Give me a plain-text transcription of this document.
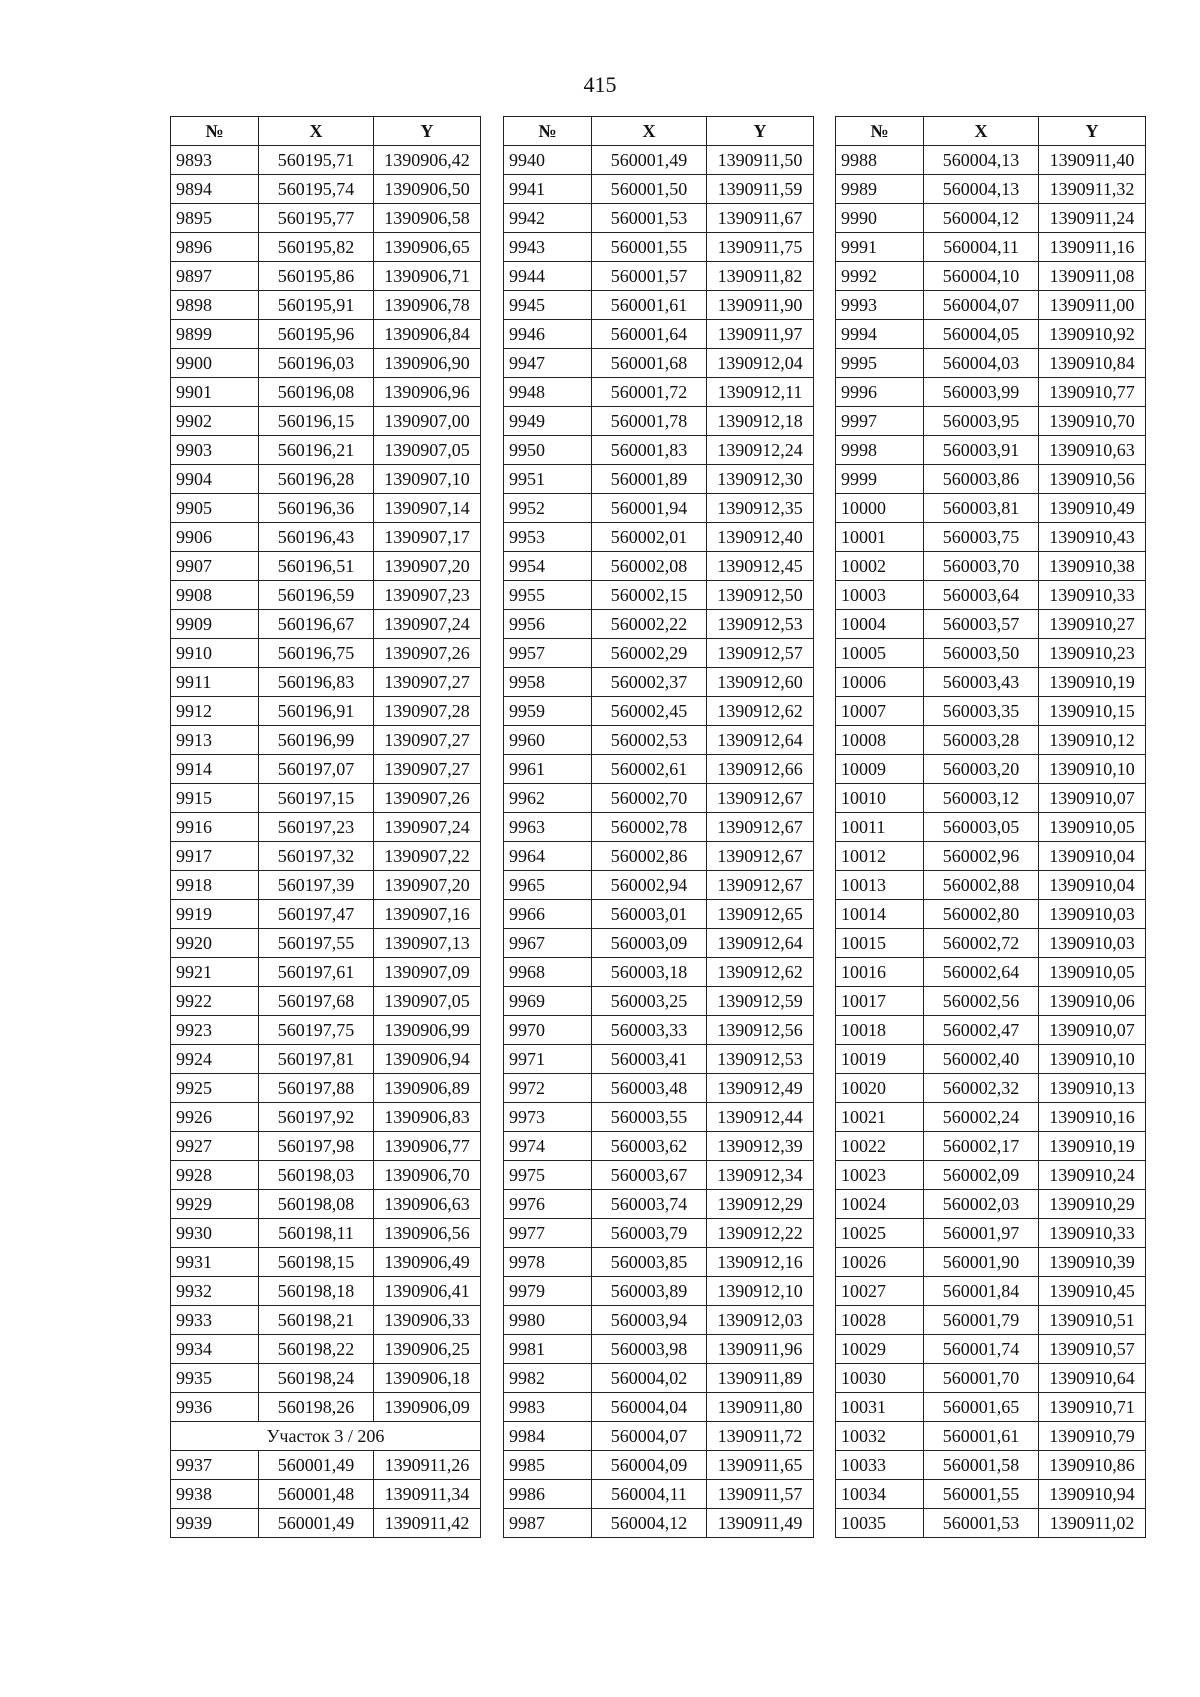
415
№	X	Y
9893	560195,71	1390906,42
9894	560195,74	1390906,50
9895	560195,77	1390906,58
9896	560195,82	1390906,65
9897	560195,86	1390906,71
9898	560195,91	1390906,78
9899	560195,96	1390906,84
9900	560196,03	1390906,90
9901	560196,08	1390906,96
9902	560196,15	1390907,00
9903	560196,21	1390907,05
9904	560196,28	1390907,10
9905	560196,36	1390907,14
9906	560196,43	1390907,17
9907	560196,51	1390907,20
9908	560196,59	1390907,23
9909	560196,67	1390907,24
9910	560196,75	1390907,26
9911	560196,83	1390907,27
9912	560196,91	1390907,28
9913	560196,99	1390907,27
9914	560197,07	1390907,27
9915	560197,15	1390907,26
9916	560197,23	1390907,24
9917	560197,32	1390907,22
9918	560197,39	1390907,20
9919	560197,47	1390907,16
9920	560197,55	1390907,13
9921	560197,61	1390907,09
9922	560197,68	1390907,05
9923	560197,75	1390906,99
9924	560197,81	1390906,94
9925	560197,88	1390906,89
9926	560197,92	1390906,83
9927	560197,98	1390906,77
9928	560198,03	1390906,70
9929	560198,08	1390906,63
9930	560198,11	1390906,56
9931	560198,15	1390906,49
9932	560198,18	1390906,41
9933	560198,21	1390906,33
9934	560198,22	1390906,25
9935	560198,24	1390906,18
9936	560198,26	1390906,09
Участок 3 / 206		
9937	560001,49	1390911,26
9938	560001,48	1390911,34
9939	560001,49	1390911,42
№	X	Y
9940	560001,49	1390911,50
9941	560001,50	1390911,59
9942	560001,53	1390911,67
9943	560001,55	1390911,75
9944	560001,57	1390911,82
9945	560001,61	1390911,90
9946	560001,64	1390911,97
9947	560001,68	1390912,04
9948	560001,72	1390912,11
9949	560001,78	1390912,18
9950	560001,83	1390912,24
9951	560001,89	1390912,30
9952	560001,94	1390912,35
9953	560002,01	1390912,40
9954	560002,08	1390912,45
9955	560002,15	1390912,50
9956	560002,22	1390912,53
9957	560002,29	1390912,57
9958	560002,37	1390912,60
9959	560002,45	1390912,62
9960	560002,53	1390912,64
9961	560002,61	1390912,66
9962	560002,70	1390912,67
9963	560002,78	1390912,67
9964	560002,86	1390912,67
9965	560002,94	1390912,67
9966	560003,01	1390912,65
9967	560003,09	1390912,64
9968	560003,18	1390912,62
9969	560003,25	1390912,59
9970	560003,33	1390912,56
9971	560003,41	1390912,53
9972	560003,48	1390912,49
9973	560003,55	1390912,44
9974	560003,62	1390912,39
9975	560003,67	1390912,34
9976	560003,74	1390912,29
9977	560003,79	1390912,22
9978	560003,85	1390912,16
9979	560003,89	1390912,10
9980	560003,94	1390912,03
9981	560003,98	1390911,96
9982	560004,02	1390911,89
9983	560004,04	1390911,80
9984	560004,07	1390911,72
9985	560004,09	1390911,65
9986	560004,11	1390911,57
9987	560004,12	1390911,49
№	X	Y
9988	560004,13	1390911,40
9989	560004,13	1390911,32
9990	560004,12	1390911,24
9991	560004,11	1390911,16
9992	560004,10	1390911,08
9993	560004,07	1390911,00
9994	560004,05	1390910,92
9995	560004,03	1390910,84
9996	560003,99	1390910,77
9997	560003,95	1390910,70
9998	560003,91	1390910,63
9999	560003,86	1390910,56
10000	560003,81	1390910,49
10001	560003,75	1390910,43
10002	560003,70	1390910,38
10003	560003,64	1390910,33
10004	560003,57	1390910,27
10005	560003,50	1390910,23
10006	560003,43	1390910,19
10007	560003,35	1390910,15
10008	560003,28	1390910,12
10009	560003,20	1390910,10
10010	560003,12	1390910,07
10011	560003,05	1390910,05
10012	560002,96	1390910,04
10013	560002,88	1390910,04
10014	560002,80	1390910,03
10015	560002,72	1390910,03
10016	560002,64	1390910,05
10017	560002,56	1390910,06
10018	560002,47	1390910,07
10019	560002,40	1390910,10
10020	560002,32	1390910,13
10021	560002,24	1390910,16
10022	560002,17	1390910,19
10023	560002,09	1390910,24
10024	560002,03	1390910,29
10025	560001,97	1390910,33
10026	560001,90	1390910,39
10027	560001,84	1390910,45
10028	560001,79	1390910,51
10029	560001,74	1390910,57
10030	560001,70	1390910,64
10031	560001,65	1390910,71
10032	560001,61	1390910,79
10033	560001,58	1390910,86
10034	560001,55	1390910,94
10035	560001,53	1390911,02
